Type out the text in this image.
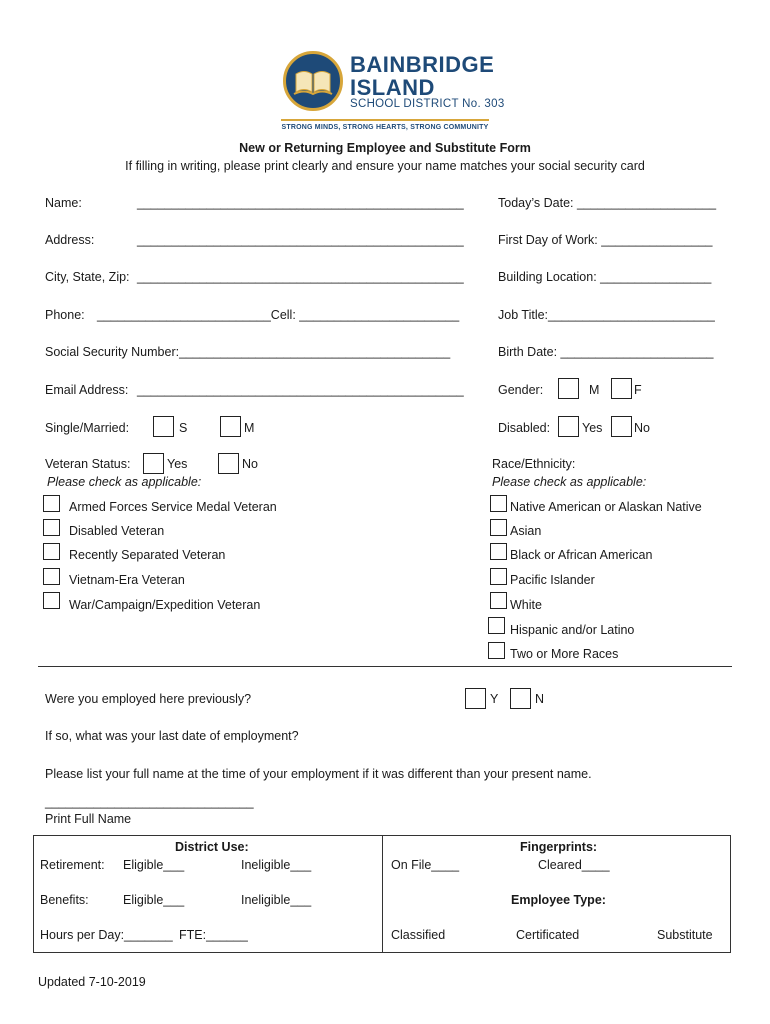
BAINBRIDGE
ISLAND
SCHOOL DISTRICT No. 303
STRONG MINDS, STRONG HEARTS, STRONG COMMUNITY
New or Returning Employee and Substitute Form
If filling in writing, please print clearly and ensure your name matches your social security card
Name:	_______________________________________________	Today’s Date: ____________________
Address:	_______________________________________________	First Day of Work: ________________
City, State, Zip: _______________________________________________	Building Location: ________________
Phone: _________________________Cell: _______________________	Job Title:________________________
Social Security Number:_______________________________________	Birth Date: ______________________
Email Address: _______________________________________________	Gender:	M	F
Single/Married:	S	M	Disabled:	Yes	No
Veteran Status:	Yes	No
Please check as applicable:
Race/Ethnicity:
Please check as applicable:
Armed Forces Service Medal Veteran
Disabled Veteran
Recently Separated Veteran
Vietnam-Era Veteran
War/Campaign/Expedition Veteran
Native American or Alaskan Native
Asian
Black or African American
Pacific Islander
White
Hispanic and/or Latino
Two or More Races
Were you employed here previously?	Y	N
If so, what was your last date of employment?
Please list your full name at the time of your employment if it was different than your present name.
______________________________
Print Full Name
District Use:
Retirement: Eligible___	Ineligible___
Benefits:	Eligible___	Ineligible___
Hours per Day:_______ FTE:______
Fingerprints:
On File____	Cleared____
Employee Type:
Classified	Certificated	Substitute
Updated 7-10-2019
